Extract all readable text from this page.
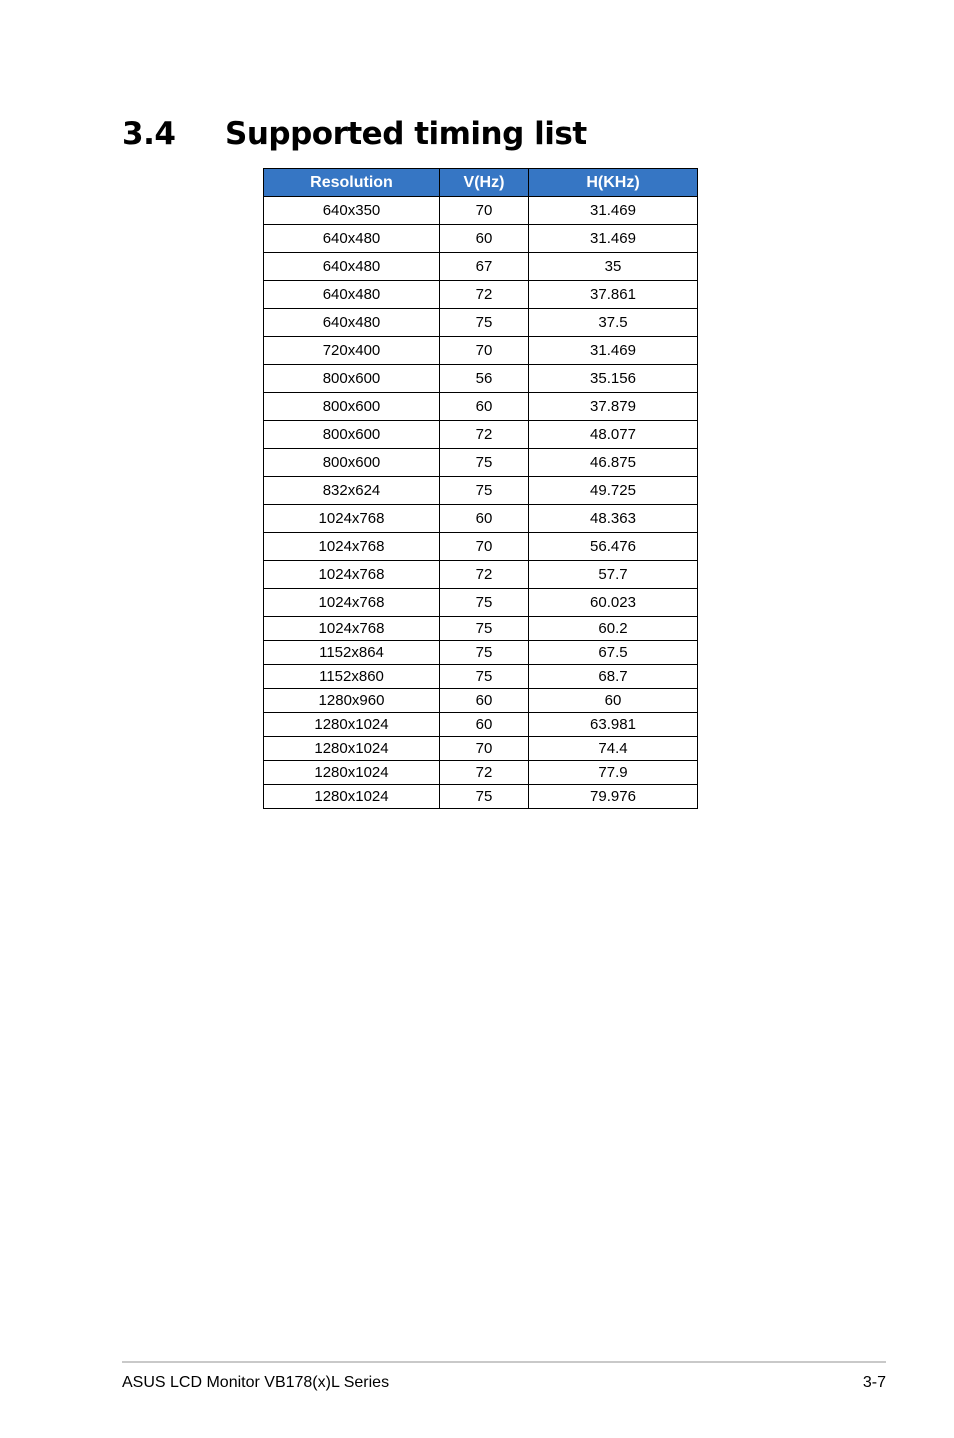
3.4 Supported timing list
Resolution	V(Hz)	H(KHz)
640x350	70	31.469
640x480	60	31.469
640x480	67	35
640x480	72	37.861
640x480	75	37.5
720x400	70	31.469
800x600	56	35.156
800x600	60	37.879
800x600	72	48.077
800x600	75	46.875
832x624	75	49.725
1024x768	60	48.363
1024x768	70	56.476
1024x768	72	57.7
1024x768	75	60.023
1024x768	75	60.2
1152x864	75	67.5
1152x860	75	68.7
1280x960	60	60
1280x1024	60	63.981
1280x1024	70	74.4
1280x1024	72	77.9
1280x1024	75	79.976
ASUS LCD Monitor VB178(x)L Series	3-7
